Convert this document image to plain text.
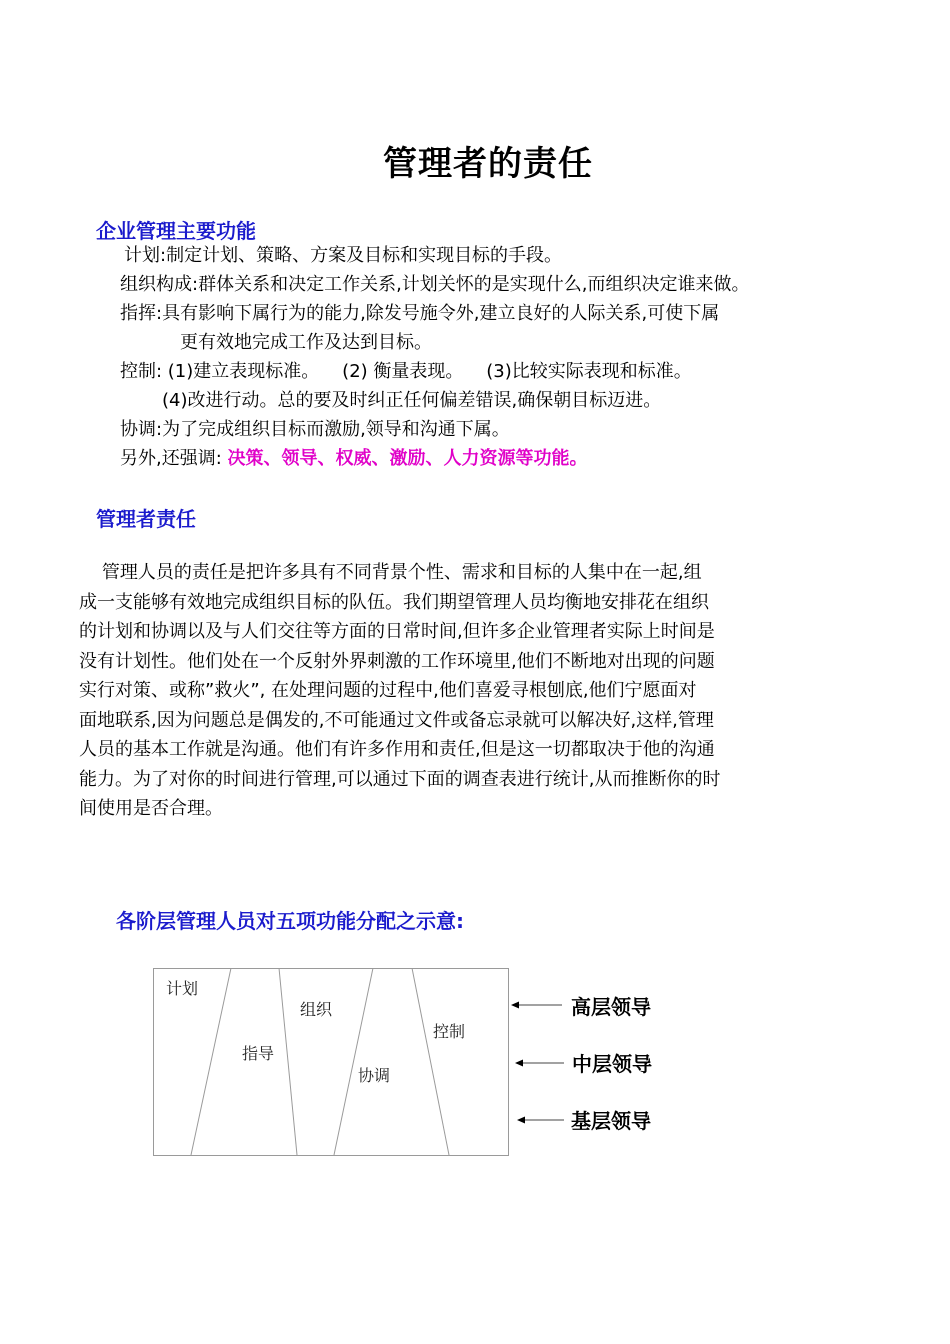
管理者的责任
企业管理主要功能
计划:制定计划、策略、方案及目标和实现目标的手段。
组织构成:群体关系和决定工作关系,计划关怀的是实现什么,而组织决定谁来做。
指挥:具有影响下属行为的能力,除发号施令外,建立良好的人际关系,可使下属
更有效地完成工作及达到目标。
控制: (1)建立表现标准。    (2) 衡量表现。    (3)比较实际表现和标准。
(4)改进行动。总的要及时纠正任何偏差错误,确保朝目标迈进。
协调:为了完成组织目标而激励,领导和沟通下属。
另外,还强调: 决策、领导、权威、激励、人力资源等功能。
管理者责任

管理人员的责任是把许多具有不同背景个性、需求和目标的人集中在一起,组

成一支能够有效地完成组织目标的队伍。我们期望管理人员均衡地安排花在组织

的计划和协调以及与人们交往等方面的日常时间,但许多企业管理者实际上时间是

没有计划性。他们处在一个反射外界刺激的工作环境里,他们不断地对出现的问题

实行对策、或称”救火”, 在处理问题的过程中,他们喜爱寻根刨底,他们宁愿面对

面地联系,因为问题总是偶发的,不可能通过文件或备忘录就可以解决好,这样,管理

人员的基本工作就是沟通。他们有许多作用和责任,但是这一切都取决于他的沟通

能力。为了对你的时间进行管理,可以通过下面的调查表进行统计,从而推断你的时

间使用是否合理。

各阶层管理人员对五项功能分配之示意:
计划
指导
组织
协调
控制
高层领导
中层领导
基层领导
